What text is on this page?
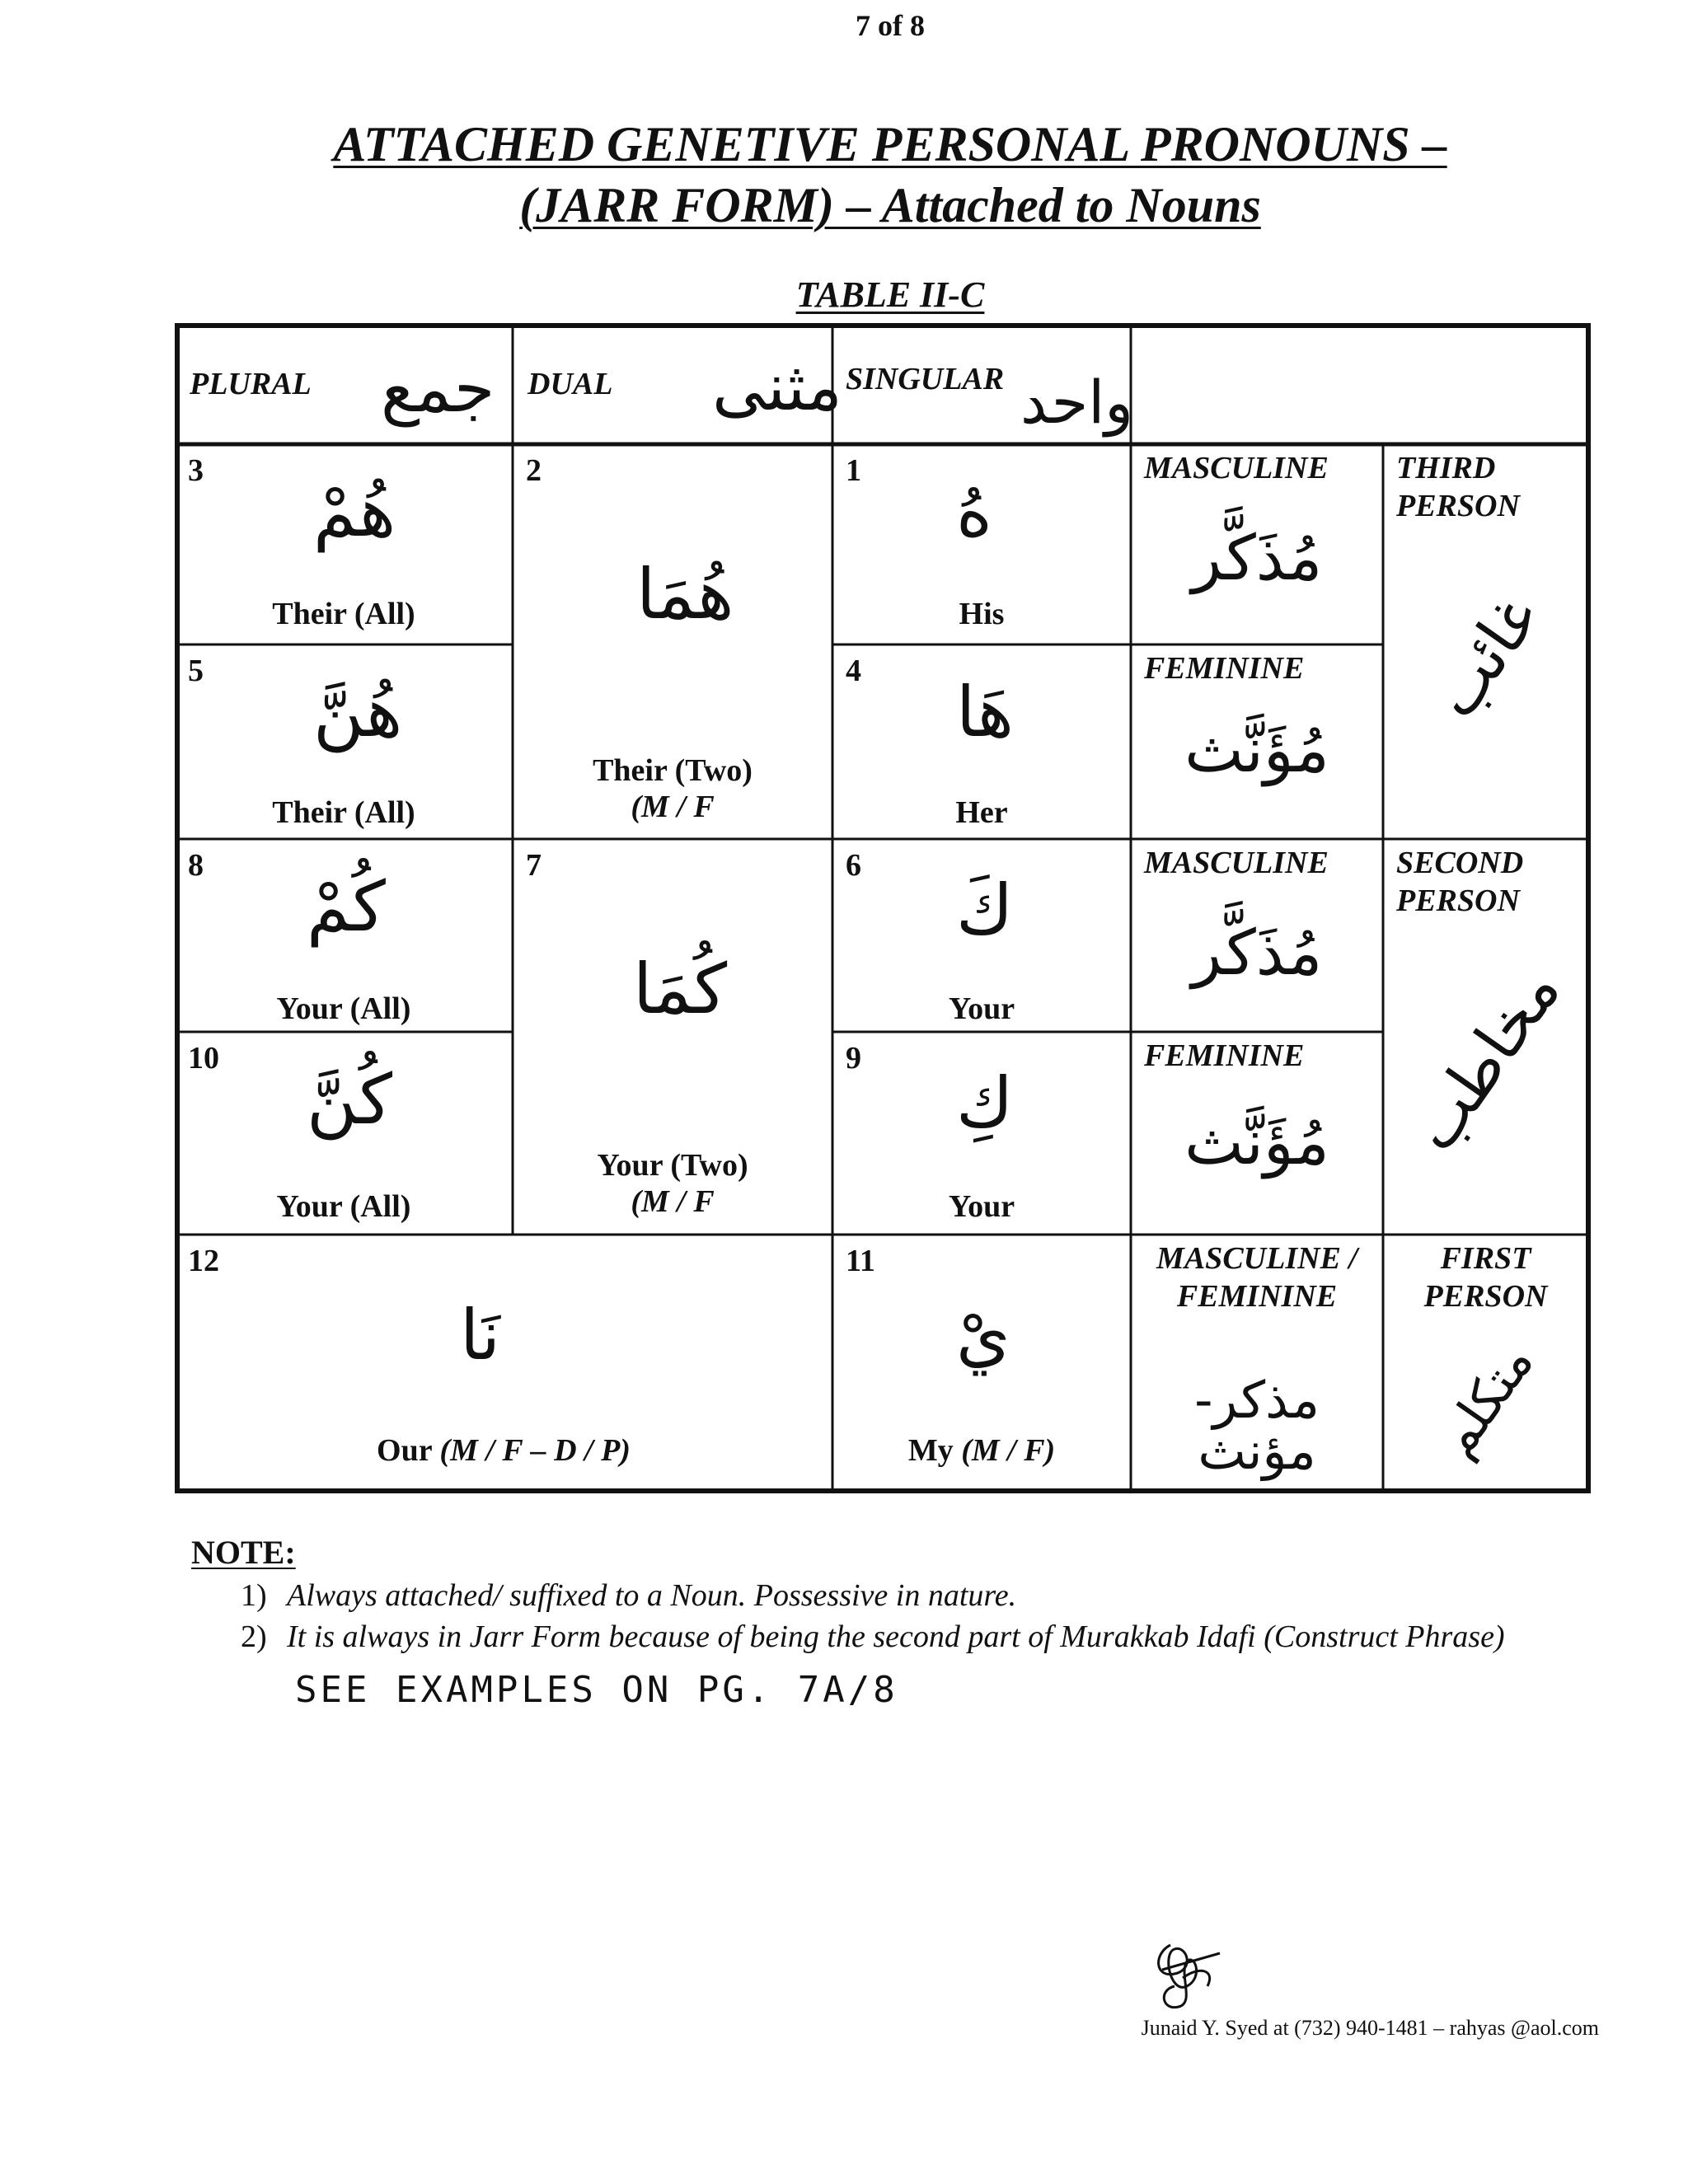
7 of 8
ATTACHED GENETIVE PERSONAL PRONOUNS –
(JARR FORM) – Attached to Nouns
TABLE II-C
PLURAL جمع DUAL مثنى SINGULAR واحد
3
هُمْ
Their (All)
5
هُنَّ
Their (All)
2
هُمَا
Their (Two)
(M / F
1
هُ
His
4
هَا
Her
MASCULINE
مُذَكَّر
FEMININE
مُؤَنَّث
THIRD PERSON
غائب
8
كُمْ
Your (All)
10
كُنَّ
Your (All)
7
كُمَا
Your (Two)
(M / F
6
كَ
Your
9
كِ
Your
MASCULINE
مُذَكَّر
FEMININE
مُؤَنَّث
SECOND PERSON
مخاطب
12
نَا
Our (M / F – D / P)
11
يْ
My (M / F)
MASCULINE / FEMININE
مذكر- مؤنث
FIRST PERSON
متكلم
NOTE:
1) Always attached/ suffixed to a Noun. Possessive in nature.
2) It is always in Jarr Form because of being the second part of Murakkab Idafi (Construct Phrase)
SEE EXAMPLES ON PG. 7A/8
Junaid Y. Syed at (732) 940-1481 – rahyas @aol.com
